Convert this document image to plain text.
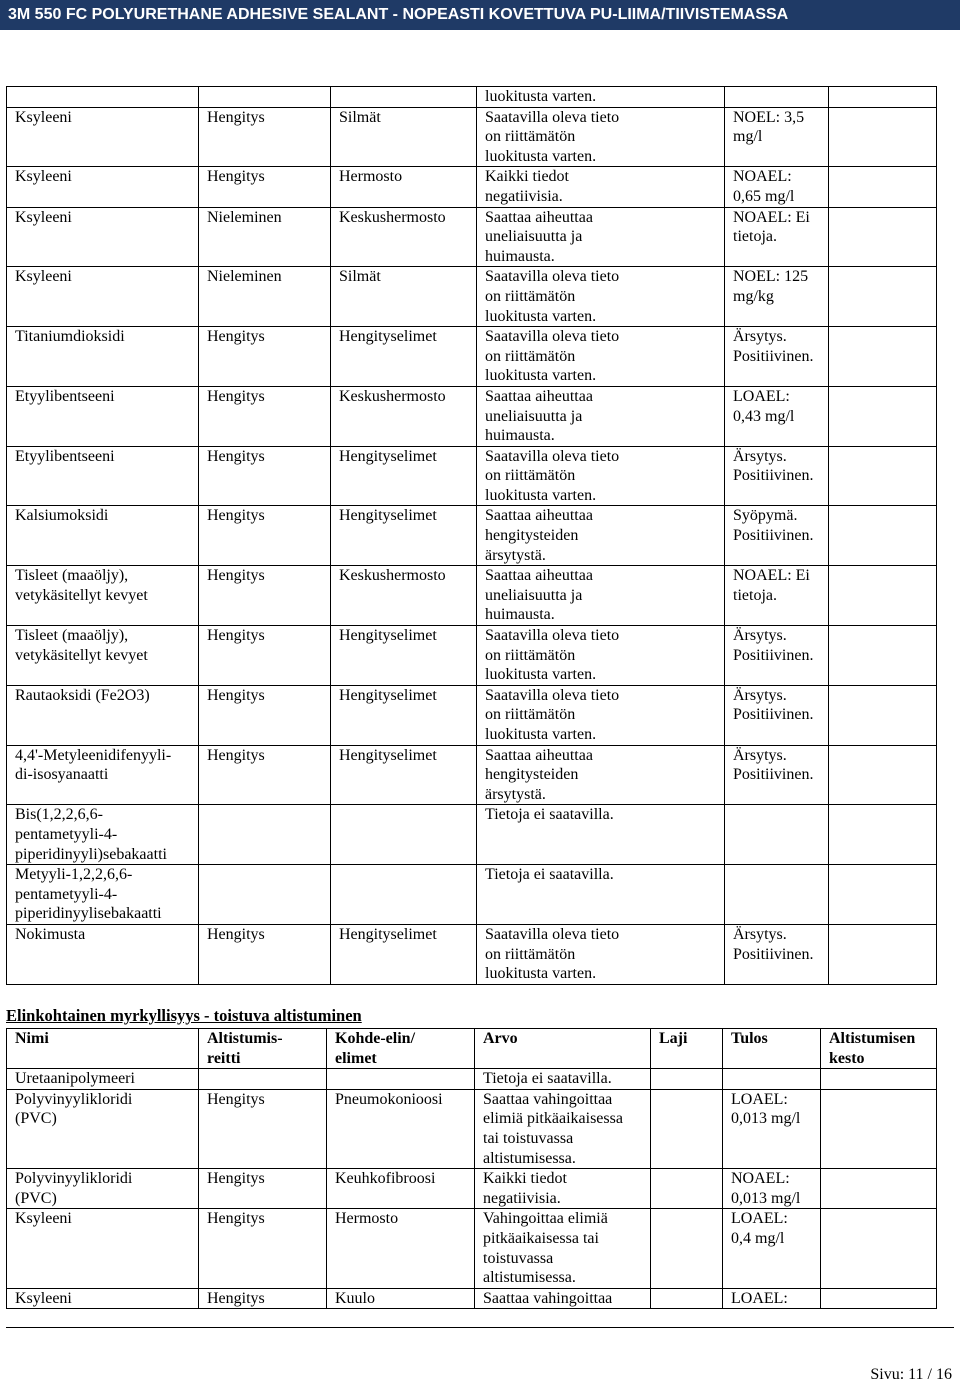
3M 550 FC POLYURETHANE ADHESIVE SEALANT - NOPEASTI KOVETTUVA PU-LIIMA/TIIVISTEMASSA
			luokitusta varten.		
Ksyleeni	Hengitys	Silmät	Saatavilla oleva tieto
on riittämätön
luokitusta varten.	NOEL: 3,5
mg/l	
Ksyleeni	Hengitys	Hermosto	Kaikki tiedot
negatiivisia.	NOAEL:
0,65 mg/l	
Ksyleeni	Nieleminen	Keskushermosto	Saattaa aiheuttaa
uneliaisuutta ja
huimausta.	NOAEL: Ei
tietoja.	
Ksyleeni	Nieleminen	Silmät	Saatavilla oleva tieto
on riittämätön
luokitusta varten.	NOEL: 125
mg/kg	
Titaniumdioksidi	Hengitys	Hengityselimet	Saatavilla oleva tieto
on riittämätön
luokitusta varten.	Ärsytys.
Positiivinen.	
Etyylibentseeni	Hengitys	Keskushermosto	Saattaa aiheuttaa
uneliaisuutta ja
huimausta.	LOAEL:
0,43 mg/l	
Etyylibentseeni	Hengitys	Hengityselimet	Saatavilla oleva tieto
on riittämätön
luokitusta varten.	Ärsytys.
Positiivinen.	
Kalsiumoksidi	Hengitys	Hengityselimet	Saattaa aiheuttaa
hengitysteiden
ärsytystä.	Syöpymä.
Positiivinen.	
Tisleet (maaöljy),
vetykäsitellyt kevyet	Hengitys	Keskushermosto	Saattaa aiheuttaa
uneliaisuutta ja
huimausta.	NOAEL: Ei
tietoja.	
Tisleet (maaöljy),
vetykäsitellyt kevyet	Hengitys	Hengityselimet	Saatavilla oleva tieto
on riittämätön
luokitusta varten.	Ärsytys.
Positiivinen.	
Rautaoksidi (Fe2O3)	Hengitys	Hengityselimet	Saatavilla oleva tieto
on riittämätön
luokitusta varten.	Ärsytys.
Positiivinen.	
4,4'-Metyleenidifenyyli-
di-isosyanaatti	Hengitys	Hengityselimet	Saattaa aiheuttaa
hengitysteiden
ärsytystä.	Ärsytys.
Positiivinen.	
Bis(1,2,2,6,6-
pentametyyli-4-
piperidinyyli)sebakaatti			Tietoja ei saatavilla.		
Metyyli-1,2,2,6,6-
pentametyyli-4-
piperidinyylisebakaatti			Tietoja ei saatavilla.		
Nokimusta	Hengitys	Hengityselimet	Saatavilla oleva tieto
on riittämätön
luokitusta varten.	Ärsytys.
Positiivinen.	
Elinkohtainen myrkyllisyys - toistuva altistuminen
Nimi	Altistumis-
reitti	Kohde-elin/
elimet	Arvo	Laji	Tulos	Altistumisen
kesto
Uretaanipolymeeri			Tietoja ei saatavilla.			
Polyvinyylikloridi
(PVC)	Hengitys	Pneumokonioosi	Saattaa vahingoittaa
elimiä pitkäaikaisessa
tai toistuvassa
altistumisessa.		LOAEL:
0,013 mg/l	
Polyvinyylikloridi
(PVC)	Hengitys	Keuhkofibroosi	Kaikki tiedot
negatiivisia.		NOAEL:
0,013 mg/l	
Ksyleeni	Hengitys	Hermosto	Vahingoittaa elimiä
pitkäaikaisessa tai
toistuvassa
altistumisessa.		LOAEL:
0,4 mg/l	
Ksyleeni	Hengitys	Kuulo	Saattaa vahingoittaa		LOAEL:	
Sivu: 11 / 16
